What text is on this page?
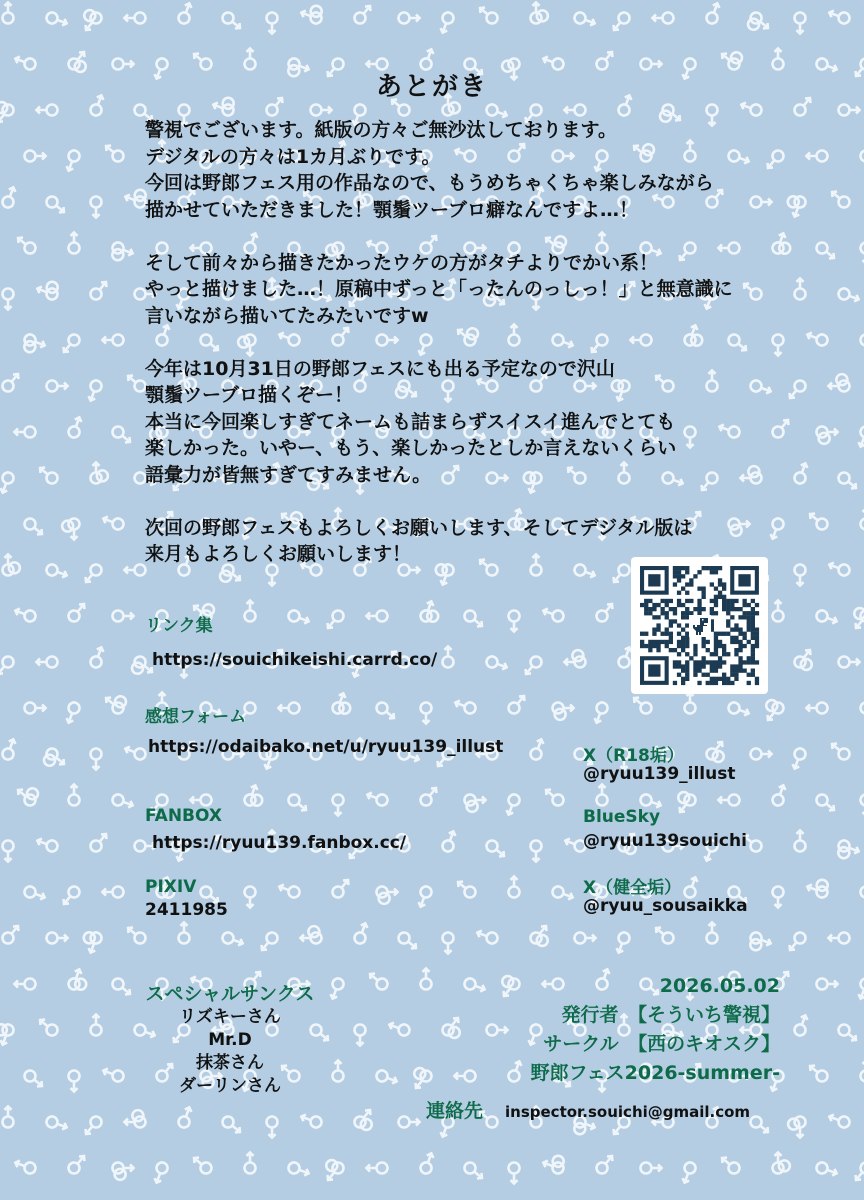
あとがき
警視でございます。紙版の方々ご無沙汰しております。
デジタルの方々は1カ月ぶりです。
今回は野郎フェス用の作品なので、もうめちゃくちゃ楽しみながら
描かせていただきました！顎鬚ツーブロ癖なんですよ…！
そして前々から描きたかったウケの方がタチよりでかい系！
やっと描けました…！原稿中ずっと「ったんのっしっ！」と無意識に
言いながら描いてたみたいですw
今年は10月31日の野郎フェスにも出る予定なので沢山
顎鬚ツーブロ描くぞー！
本当に今回楽しすぎてネームも詰まらずスイスイ進んでとても
楽しかった。いやー、もう、楽しかったとしか言えないくらい
語彙力が皆無すぎてすみません。
次回の野郎フェスもよろしくお願いします、そしてデジタル版は
来月もよろしくお願いします！
リンク集
https://souichikeishi.carrd.co/
感想フォーム
https://odaibako.net/u/ryuu139_illust
FANBOX
https://ryuu139.fanbox.cc/
PIXIV
2411985
X（R18垢）
@ryuu139_illust
BlueSky
@ryuu139souichi
X（健全垢）
@ryuu_sousaikka
スペシャルサンクス
リズキーさん
Mr.D
抹茶さん
ダーリンさん
2026.05.02
発行者　【そういち警視】
サークル　【西のキオスク】
野郎フェス2026-summer-
連絡先 inspector.souichi@gmail.com
